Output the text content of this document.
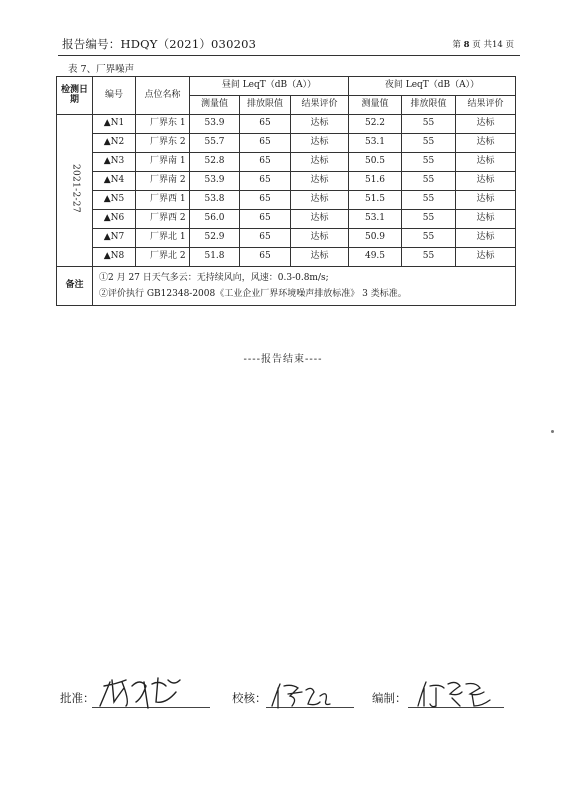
报告编号：HDQY（2021）030203	第 8 页 共14 页
表 7、厂界噪声
检测日期	编号	点位名称	昼间 LeqT（dB（A））			夜间 LeqT（dB（A））		
			测量值	排放限值	结果评价	测量值	排放限值	结果评价
2021-2-27	▲N1	厂界东 1	53.9	65	达标	52.2	55	达标
	▲N2	厂界东 2	55.7	65	达标	53.1	55	达标
	▲N3	厂界南 1	52.8	65	达标	50.5	55	达标
	▲N4	厂界南 2	53.9	65	达标	51.6	55	达标
	▲N5	厂界西 1	53.8	65	达标	51.5	55	达标
	▲N6	厂界西 2	56.0	65	达标	53.1	55	达标
	▲N7	厂界北 1	52.9	65	达标	50.9	55	达标
	▲N8	厂界北 2	51.8	65	达标	49.5	55	达标
备注	①2 月 27 日天气多云：无持续风向，风速：0.3-0.8m/s;
②评价执行 GB12348-2008《工业企业厂界环境噪声排放标准》 3 类标准。							
----报告结束----
批准：	校核：	编制：
